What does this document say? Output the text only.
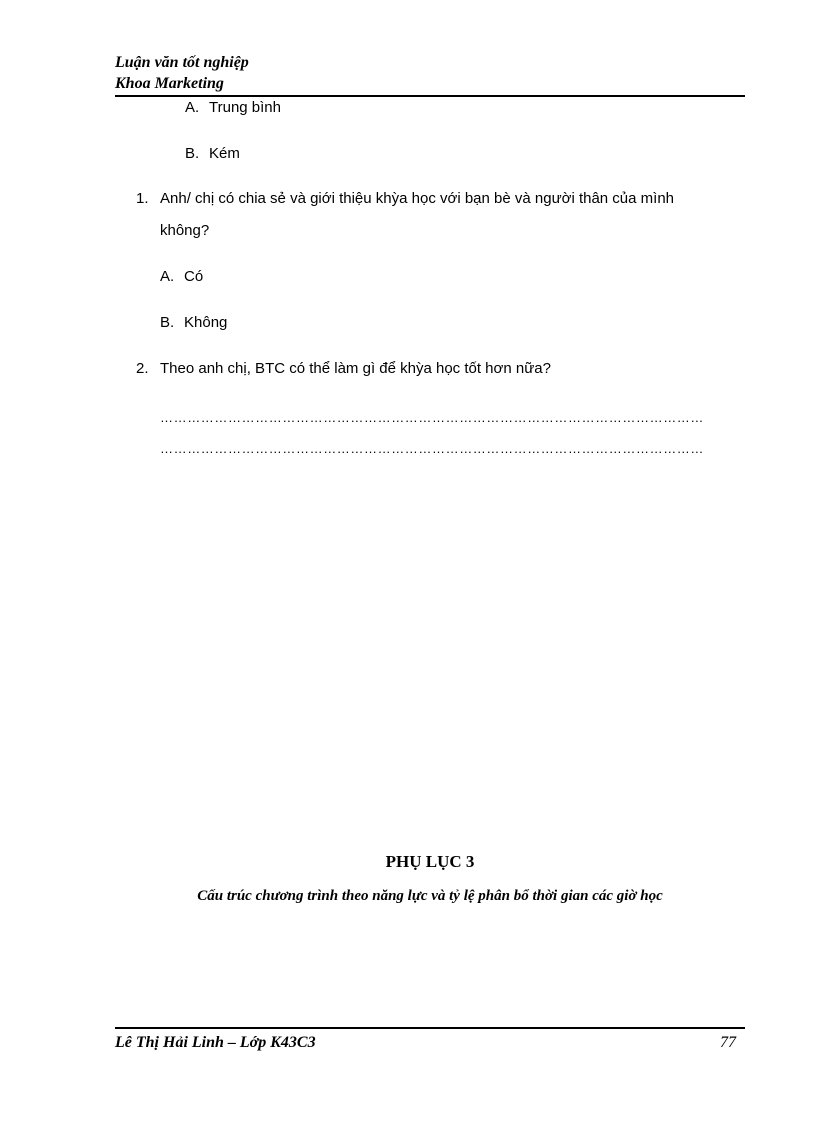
Luận văn tốt nghiệp
Khoa Marketing
A. Trung bình
B. Kém
1. Anh/ chị có chia sẻ và giới thiệu khỳa học với bạn bè và người thân của mình
không?
A. Có
B. Không
2. Theo anh chị, BTC có thể làm gì để khỳa học tốt hơn nữa?
…………………………………………………………………………………………………………
…………………………………………………………………………………………………………
PHỤ LỤC 3
Cấu trúc chương trình theo năng lực và tỷ lệ phân bổ thời gian các giờ học
Lê Thị Hải Linh – Lớp K43C3	77
